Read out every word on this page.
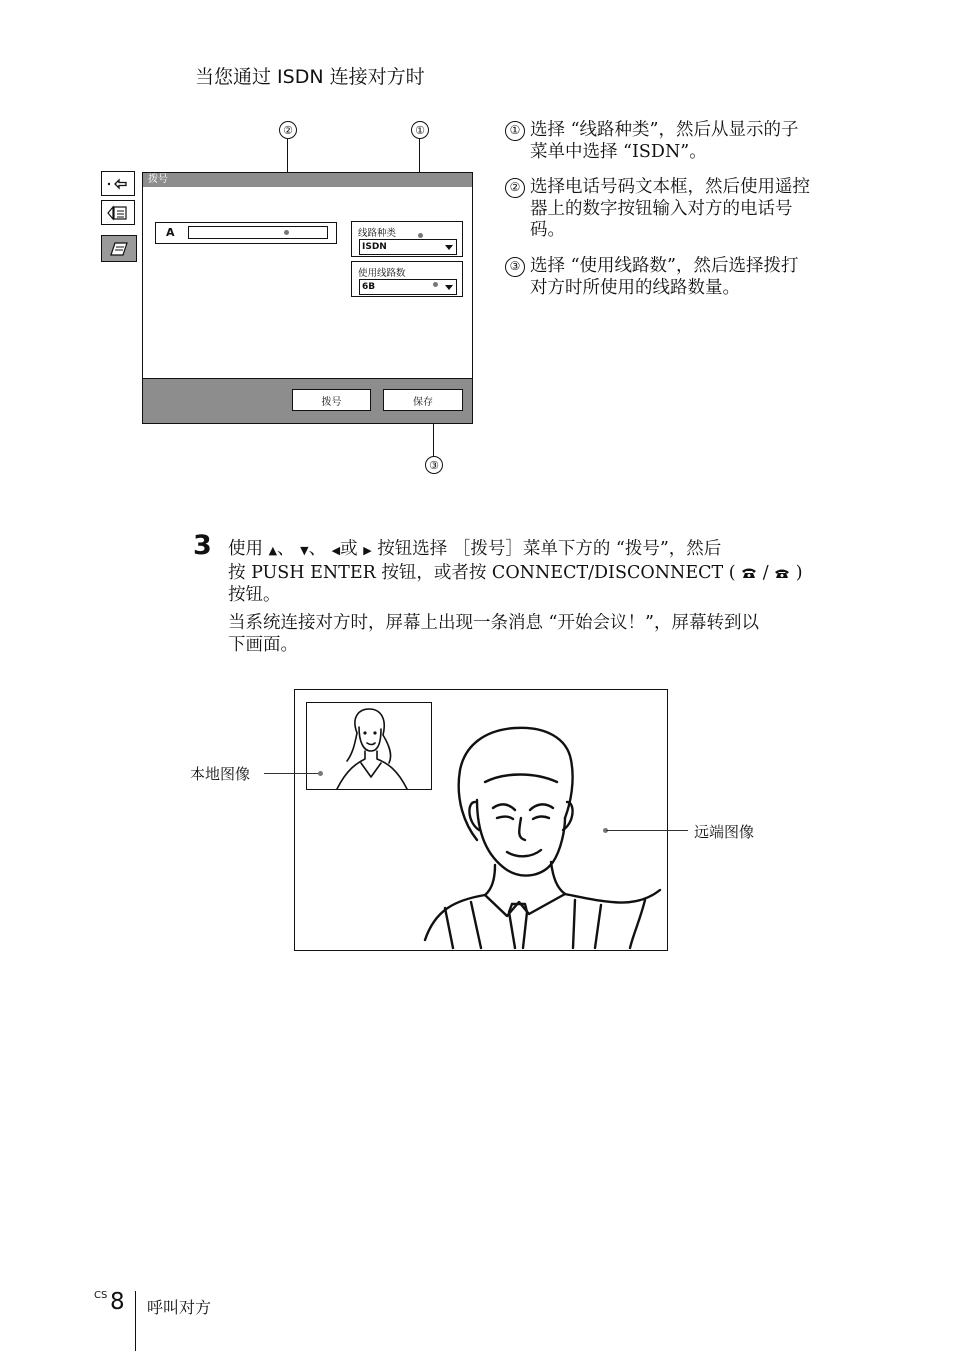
当您通过 ISDN 连接对方时
②	①
③
拨号
A	线路种类
ISDN
使用线路数
6B
拨号	保存
① 选择 “线路种类”，然后从显示的子
菜单中选择 “ISDN”。
② 选择电话号码文本框，然后使用遥控
器上的数字按钮输入对方的电话号
码。
③ 选择 “使用线路数”，然后选择拨打
对方时所使用的线路数量。
3 使用 ▲、 ▼、 ◀或 ▶ 按钮选择 ［拨号］菜单下方的 “拨号”，然后
按 PUSH ENTER 按钮，或者按 CONNECT/DISCONNECT ( / )
按钮。
当系统连接对方时，屏幕上出现一条消息 “开始会议！”，屏幕转到以
下画面。
本地图像
远端图像
CS 8 呼叫对方
